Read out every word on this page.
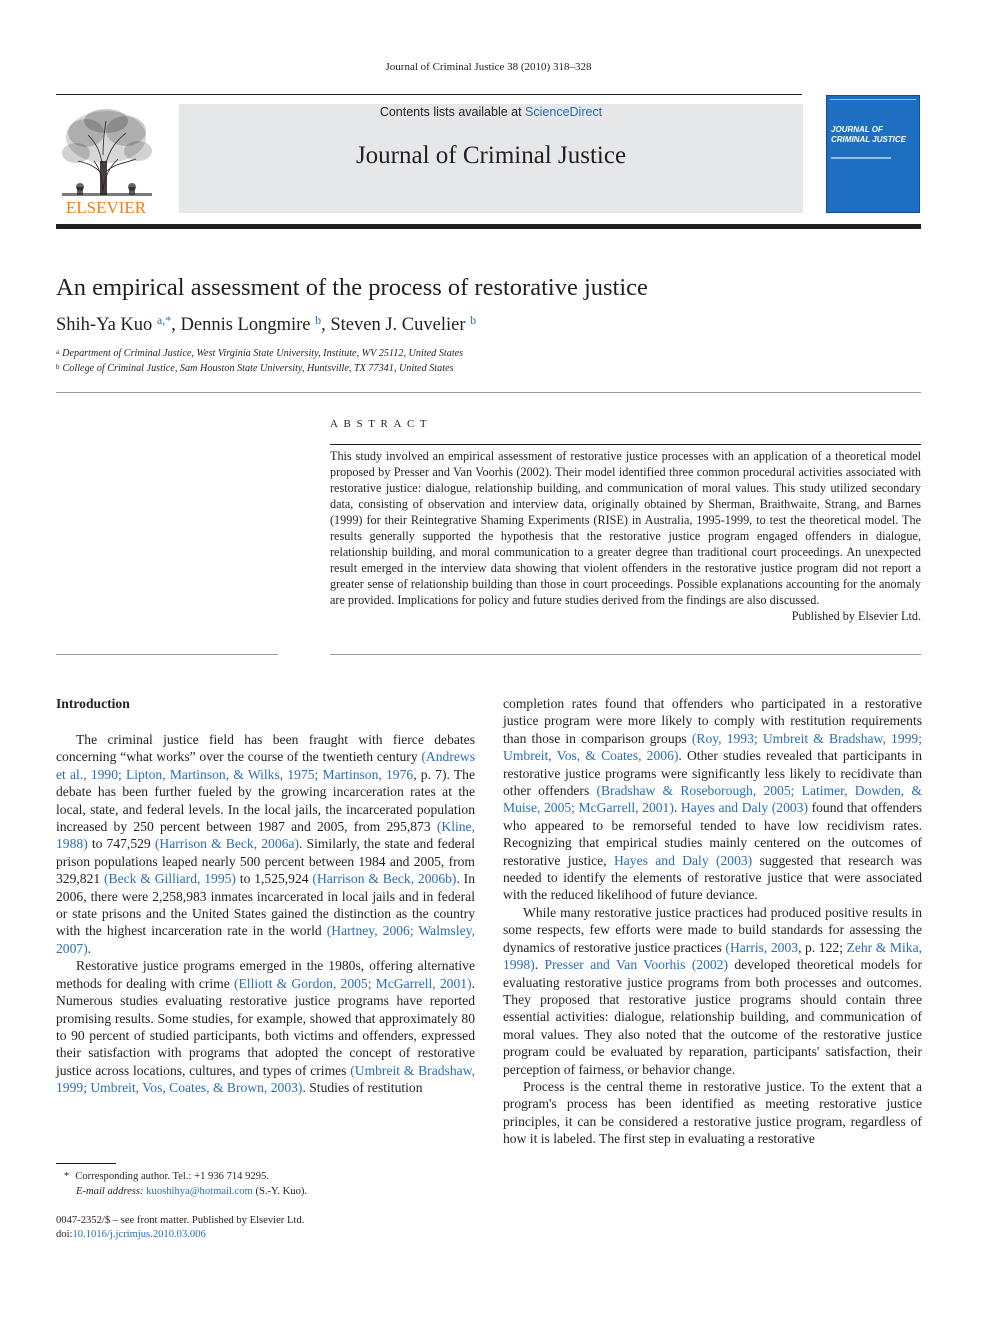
Journal of Criminal Justice 38 (2010) 318–328
ELSEVIER
Contents lists available at ScienceDirect
Journal of Criminal Justice
JOURNAL OF CRIMINAL JUSTICE
An empirical assessment of the process of restorative justice
Shih-Ya Kuo $^{a,*}$, Dennis Longmire $^b$, Steven J. Cuvelier $^b$
$^a$ Department of Criminal Justice, West Virginia State University, Institute, WV 25112, United States
$^b$ College of Criminal Justice, Sam Houston State University, Huntsville, TX 77341, United States
ABSTRACT

This study involved an empirical assessment of restorative justice processes with an application of a theoretical model proposed by Presser and Van Voorhis (2002). Their model identified three common procedural activities associated with restorative justice: dialogue, relationship building, and communication of moral values. This study utilized secondary data, consisting of observation and interview data, originally obtained by Sherman, Braithwaite, Strang, and Barnes (1999) for their Reintegrative Shaming Experiments (RISE) in Australia, 1995-1999, to test the theoretical model. The results generally supported the hypothesis that the restorative justice program engaged offenders in dialogue, relationship building, and moral communication to a greater degree than traditional court proceedings. An unexpected result emerged in the interview data showing that violent offenders in the restorative justice program did not report a greater sense of relationship building than those in court proceedings. Possible explanations accounting for the anomaly are provided. Implications for policy and future studies derived from the findings are also discussed.

Published by Elsevier Ltd.

Introduction

The criminal justice field has been fraught with fierce debates concerning “what works” over the course of the twentieth century (Andrews et al., 1990; Lipton, Martinson, & Wilks, 1975; Martinson, 1976, p. 7). The debate has been further fueled by the growing incarceration rates at the local, state, and federal levels. In the local jails, the incarcerated population increased by 250 percent between 1987 and 2005, from 295,873 (Kline, 1988) to 747,529 (Harrison & Beck, 2006a). Similarly, the state and federal prison populations leaped nearly 500 percent between 1984 and 2005, from 329,821 (Beck & Gilliard, 1995) to 1,525,924 (Harrison & Beck, 2006b). In 2006, there were 2,258,983 inmates incarcerated in local jails and in federal or state prisons and the United States gained the distinction as the country with the highest incarceration rate in the world (Hartney, 2006; Walmsley, 2007).

Restorative justice programs emerged in the 1980s, offering alternative methods for dealing with crime (Elliott & Gordon, 2005; McGarrell, 2001). Numerous studies evaluating restorative justice programs have reported promising results. Some studies, for example, showed that approximately 80 to 90 percent of studied participants, both victims and offenders, expressed their satisfaction with programs that adopted the concept of restorative justice across locations, cultures, and types of crimes (Umbreit & Bradshaw, 1999; Umbreit, Vos, Coates, & Brown, 2003). Studies of restitution

completion rates found that offenders who participated in a restorative justice program were more likely to comply with restitution requirements than those in comparison groups (Roy, 1993; Umbreit & Bradshaw, 1999; Umbreit, Vos, & Coates, 2006). Other studies revealed that participants in restorative justice programs were significantly less likely to recidivate than other offenders (Bradshaw & Roseborough, 2005; Latimer, Dowden, & Muise, 2005; McGarrell, 2001). Hayes and Daly (2003) found that offenders who appeared to be remorseful tended to have low recidivism rates. Recognizing that empirical studies mainly centered on the outcomes of restorative justice, Hayes and Daly (2003) suggested that research was needed to identify the elements of restorative justice that were associated with the reduced likelihood of future deviance.

While many restorative justice practices had produced positive results in some respects, few efforts were made to build standards for assessing the dynamics of restorative justice practices (Harris, 2003, p. 122; Zehr & Mika, 1998). Presser and Van Voorhis (2002) developed theoretical models for evaluating restorative justice programs from both processes and outcomes. They proposed that restorative justice programs should contain three essential activities: dialogue, relationship building, and communication of moral values. They also noted that the outcome of the restorative justice program could be evaluated by reparation, participants' satisfaction, their perception of fairness, or behavior change.

Process is the central theme in restorative justice. To the extent that a program's process has been identified as meeting restorative justice principles, it can be considered a restorative justice program, regardless of how it is labeled. The first step in evaluating a restorative

* Corresponding author. Tel.: +1 936 714 9295.
E-mail address: kuoshihya@hotmail.com (S.-Y. Kuo).
0047-2352/$ – see front matter. Published by Elsevier Ltd.
doi:10.1016/j.jcrimjus.2010.03.006
